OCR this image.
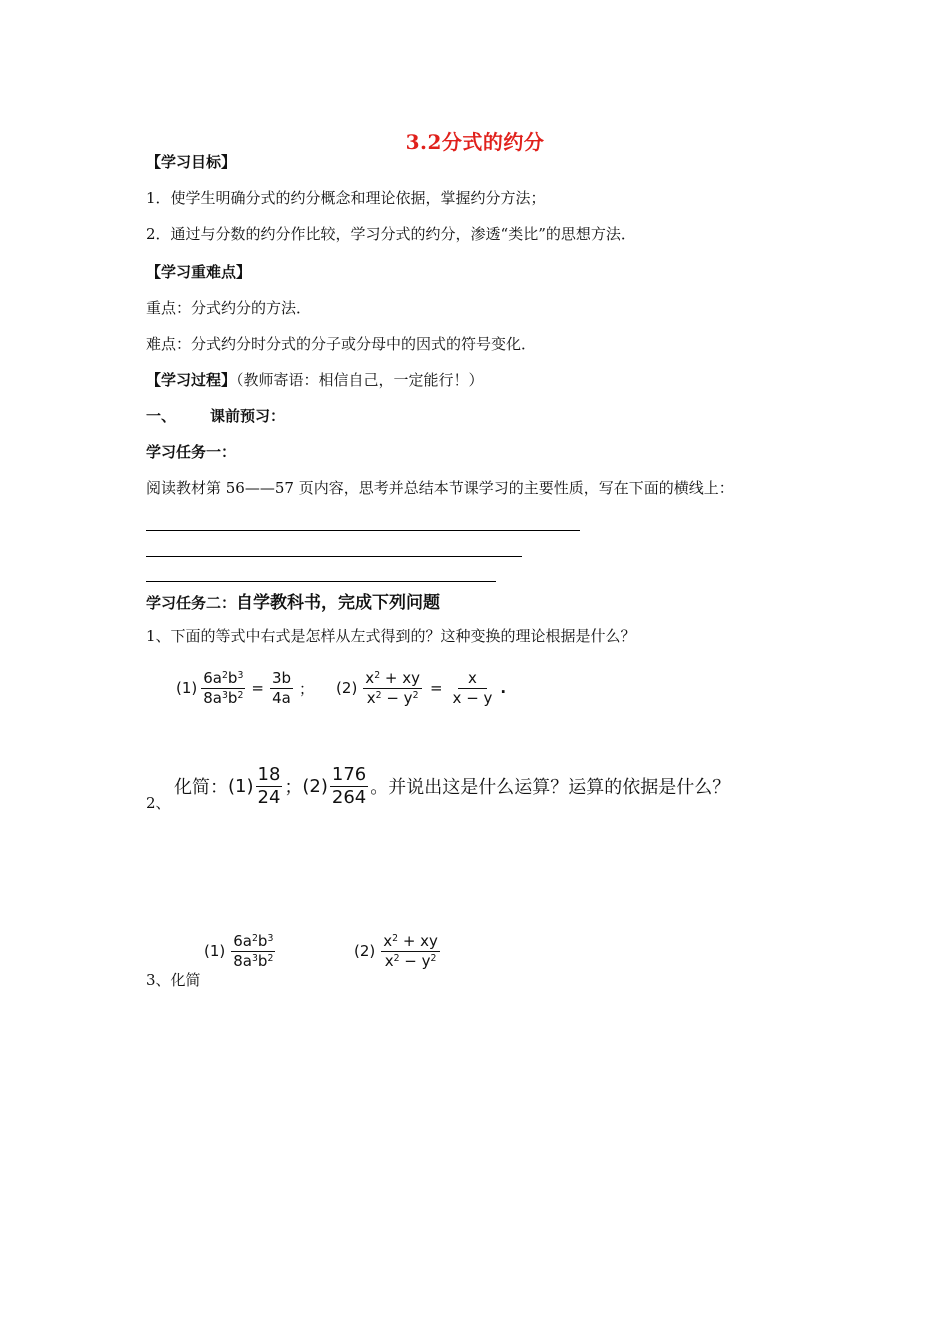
3.2分式的约分
【学习目标】
1．使学生明确分式的约分概念和理论依据，掌握约分方法；
2．通过与分数的约分作比较，学习分式的约分，渗透“类比”的思想方法．
【学习重难点】
重点：分式约分的方法．
难点：分式约分时分式的分子或分母中的因式的符号变化．
【学习过程】（教师寄语：相信自己，一定能行！）
一、 课前预习：
学习任务一：
阅读教材第 56——57 页内容，思考并总结本节课学习的主要性质，写在下面的横线上：
学习任务二：自学教科书，完成下列问题
1、下面的等式中右式是怎样从左式得到的？这种变换的理论根据是什么？
$(1) \frac{6a^2b^3}{8a^3b^2} = \frac{3b}{4a}$ ； $(2) \frac{x^2 + xy}{x^2 - y^2} = \frac{x}{x - y}$ .
2、
化简： $(1) \frac{18}{24}$ ； $(2) \frac{176}{264}$ 。并说出这是什么运算？运算的依据是什么？
3、化简
$(1) \frac{6a^2b^3}{8a^3b^2}$	$(2) \frac{x^2 + xy}{x^2 - y^2}$
